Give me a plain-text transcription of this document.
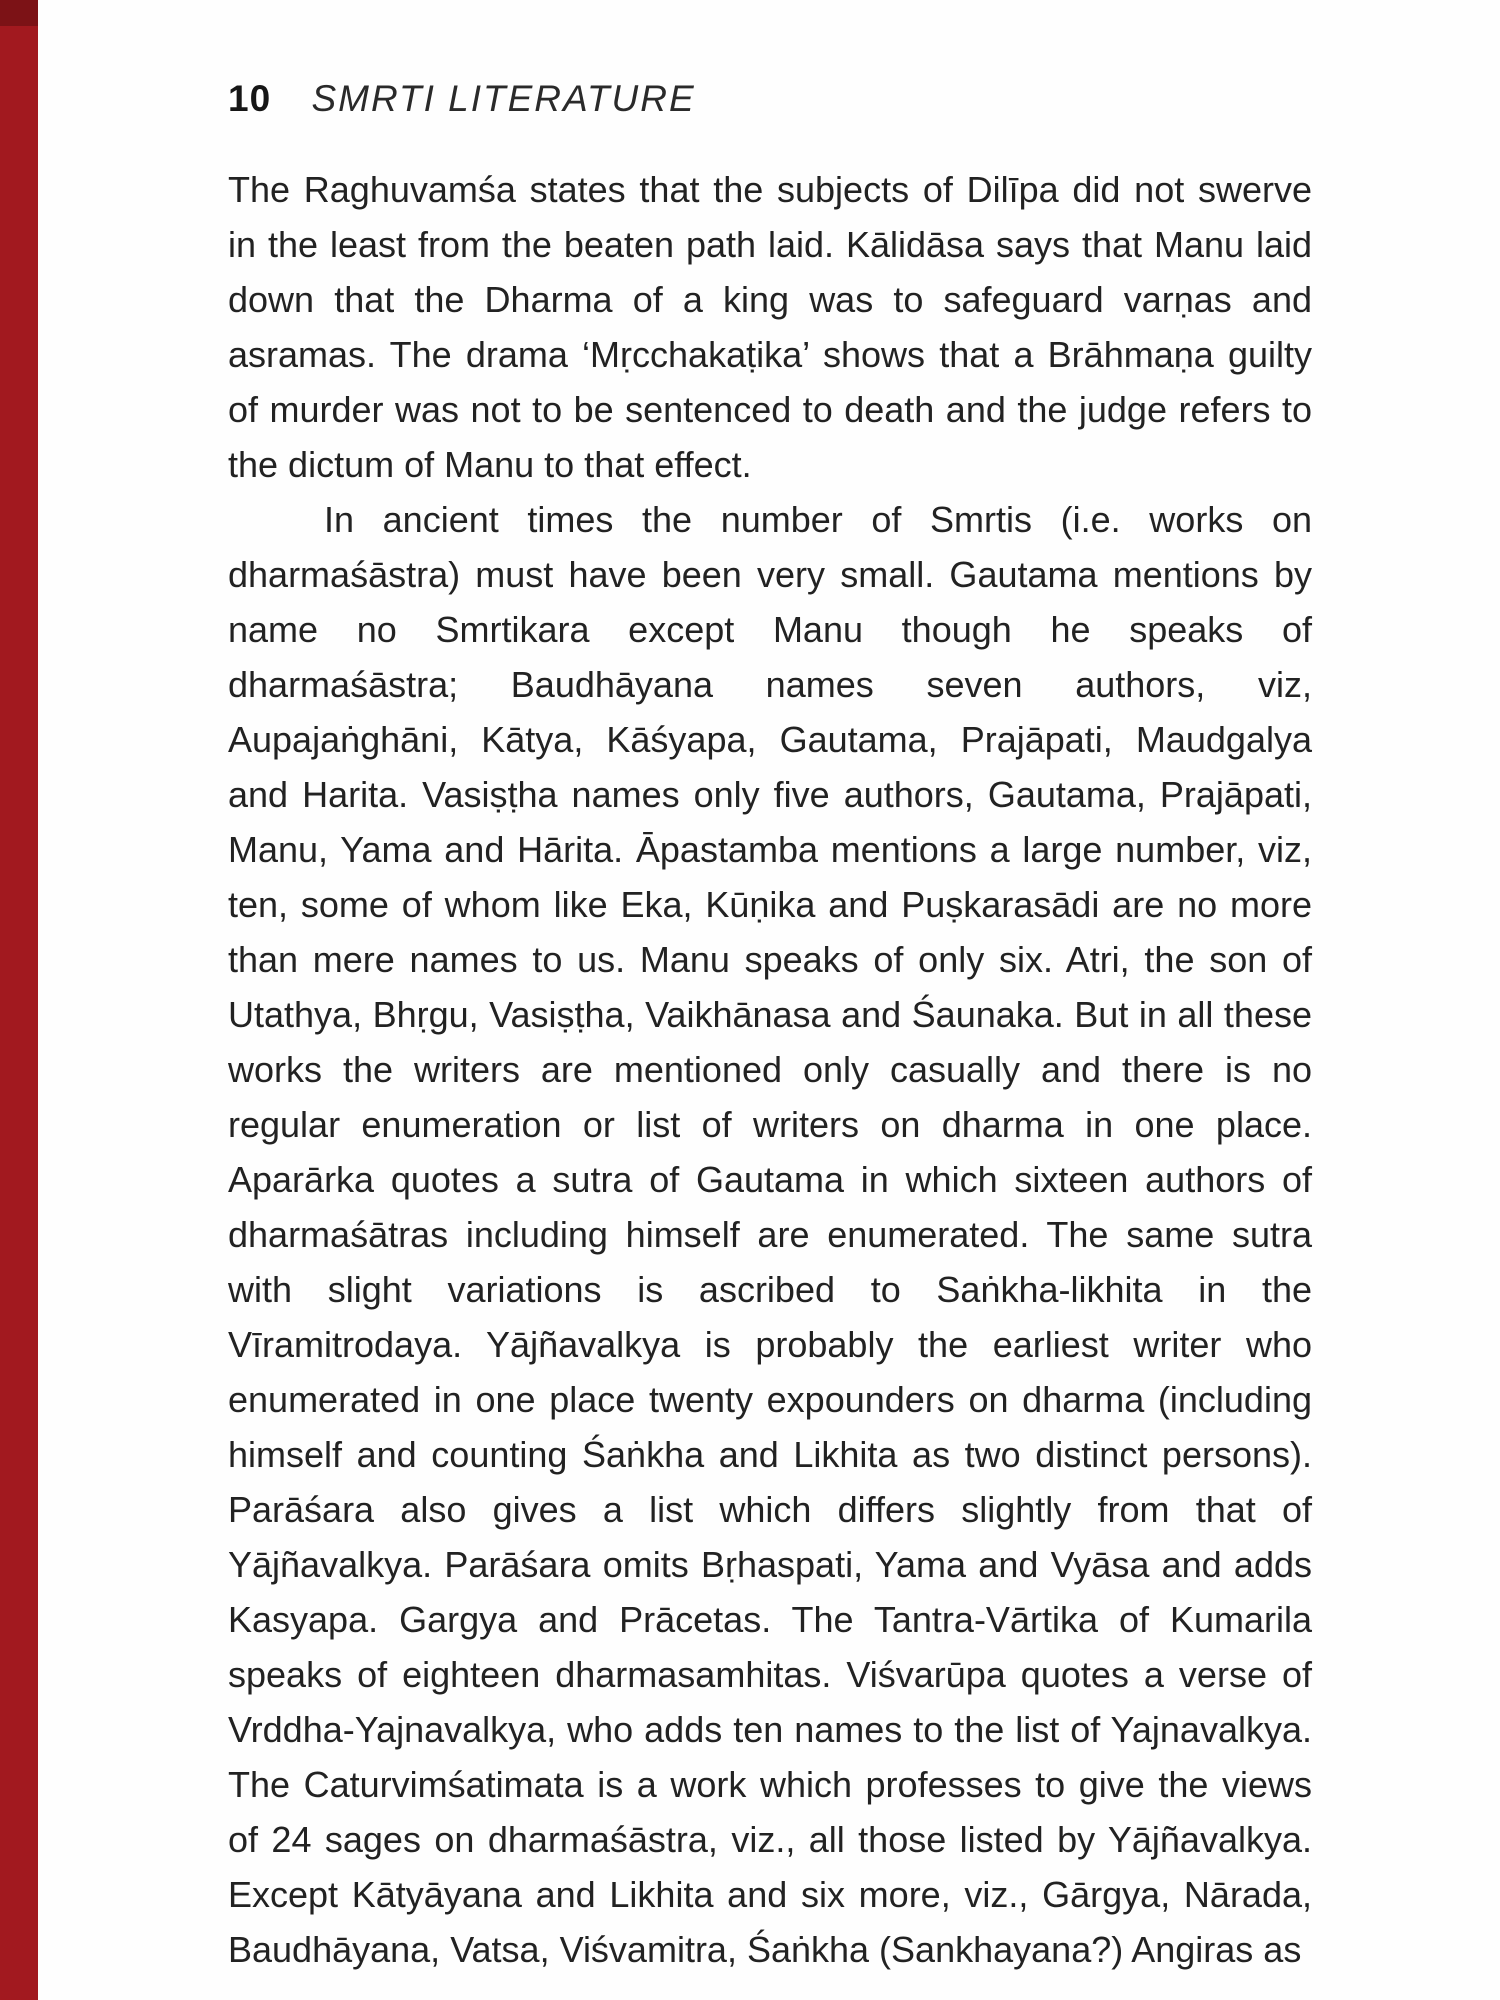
10 SMRTI LITERATURE

The Raghuvamśa states that the subjects of Dilīpa did not swerve in the least from the beaten path laid. Kālidāsa says that Manu laid down that the Dharma of a king was to safeguard varṇas and asramas. The drama ‘Mṛcchakaṭika’ shows that a Brāhmaṇa guilty of murder was not to be sentenced to death and the judge refers to the dictum of Manu to that effect.

In ancient times the number of Smrtis (i.e. works on dharmaśāstra) must have been very small. Gautama mentions by name no Smrtikara except Manu though he speaks of dharmaśāstra; Baudhāyana names seven authors, viz, Aupajaṅghāni, Kātya, Kāśyapa, Gautama, Prajāpati, Maudgalya and Harita. Vasiṣṭha names only five authors, Gautama, Prajāpati, Manu, Yama and Hārita. Āpastamba mentions a large number, viz, ten, some of whom like Eka, Kūṇika and Puṣkarasādi are no more than mere names to us. Manu speaks of only six. Atri, the son of Utathya, Bhṛgu, Vasiṣṭha, Vaikhānasa and Śaunaka. But in all these works the writers are mentioned only casually and there is no regular enumeration or list of writers on dharma in one place. Aparārka quotes a sutra of Gautama in which sixteen authors of dharmaśātras including himself are enumerated. The same sutra with slight variations is ascribed to Saṅkha-likhita in the Vīramitrodaya. Yājñavalkya is probably the earliest writer who enumerated in one place twenty expounders on dharma (including himself and counting Śaṅkha and Likhita as two distinct persons). Parāśara also gives a list which differs slightly from that of Yājñavalkya. Parāśara omits Bṛhaspati, Yama and Vyāsa and adds Kasyapa. Gargya and Prācetas. The Tantra-Vārtika of Kumarila speaks of eighteen dharmasamhitas. Viśvarūpa quotes a verse of Vrddha-Yajnavalkya, who adds ten names to the list of Yajnavalkya. The Caturvimśatimata is a work which professes to give the views of 24 sages on dharmaśāstra, viz., all those listed by Yājñavalkya. Except Kātyāyana and Likhita and six more, viz., Gārgya, Nārada, Baudhāyana, Vatsa, Viśvamitra, Śaṅkha (Sankhayana?) Angiras as
